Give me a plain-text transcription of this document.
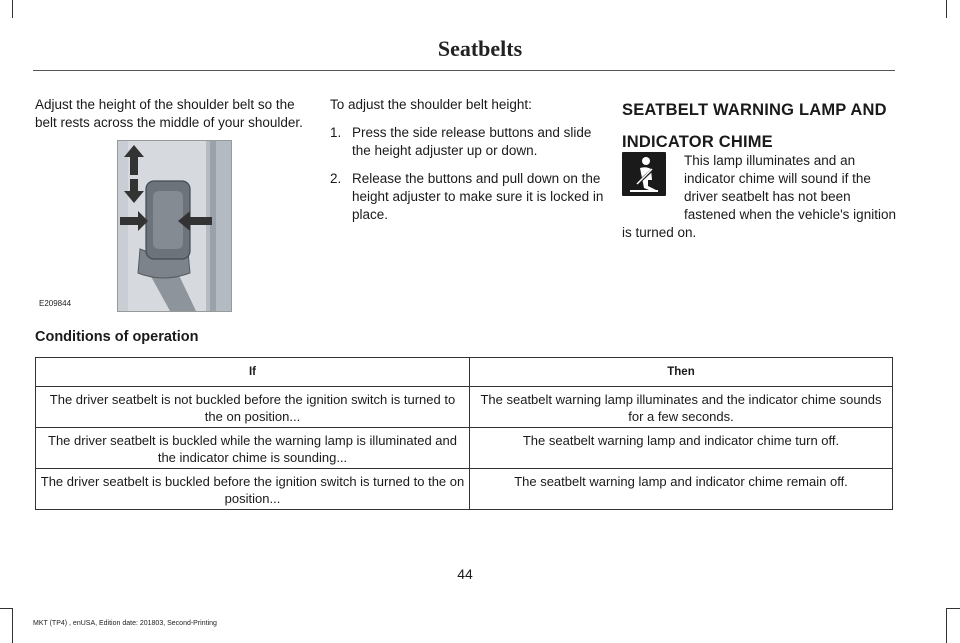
Seatbelts
Adjust the height of the shoulder belt so the belt rests across the middle of your shoulder.
E209844
To adjust the shoulder belt height:
1. Press the side release buttons and slide the height adjuster up or down.
2. Release the buttons and pull down on the height adjuster to make sure it is locked in place.
SEATBELT WARNING LAMP AND
INDICATOR CHIME
This lamp illuminates and an indicator chime will sound if the driver seatbelt has not been fastened when the vehicle's ignition is turned on.
Conditions of operation
If	Then
The driver seatbelt is not buckled before the ignition switch is turned to the on position...	The seatbelt warning lamp illuminates and the indicator chime sounds for a few seconds.
The driver seatbelt is buckled while the warning lamp is illuminated and the indicator chime is sounding...	The seatbelt warning lamp and indicator chime turn off.
The driver seatbelt is buckled before the ignition switch is turned to the on position...	The seatbelt warning lamp and indicator chime remain off.
44
MKT (TP4) , enUSA, Edition date: 201803, Second-Printing
